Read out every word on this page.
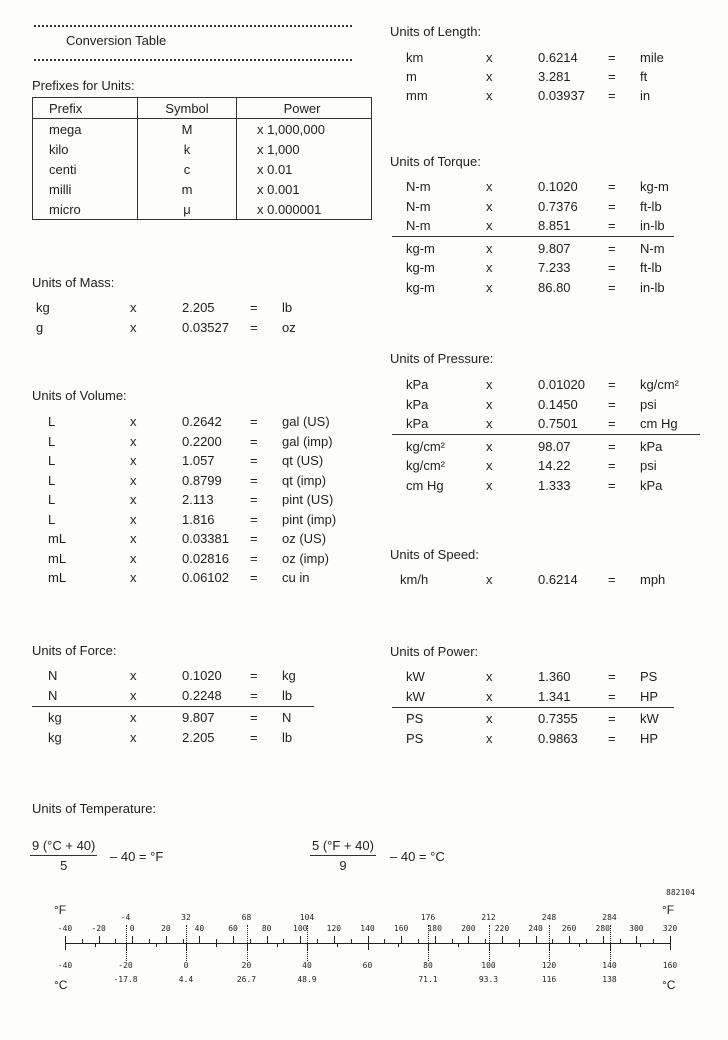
Conversion Table
Prefixes for Units:
Prefix	Symbol	Power
mega	M	x 1,000,000
kilo	k	x 1,000
centi	c	x 0.01
milli	m	x 0.001
micro	μ	x 0.000001
Units of Mass:
kg	x	2.205	= lb
g	x	0.03527 = oz
Units of Volume:
L	x	0.2642 = gal (US)
L	x	0.2200 = gal (imp)
L	x	1.057	= qt (US)
L	x	0.8799 = qt (imp)
L	x	2.113	= pint (US)
L	x	1.816	= pint (imp)
mL	x	0.03381 = oz (US)
mL	x	0.02816 = oz (imp)
mL	x	0.06102 = cu in
Units of Force:
N	x	0.1020 = kg
N	x	0.2248 = lb
kg	x	9.807	= N
kg	x	2.205	= lb
Units of Length:
km	x	0.6214 = mile
m	x	3.281	= ft
mm	x	0.03937 = in
Units of Torque:
N-m	x	0.1020 = kg-m
N-m	x	0.7376 = ft-lb
N-m	x	8.851	= in-lb
kg-m	x	9.807	= N-m
kg-m	x	7.233	= ft-lb
kg-m	x	86.80	= in-lb
Units of Pressure:
kPa	x	0.01020 = kg/cm²
kPa	x	0.1450 = psi
kPa	x	0.7501 = cm Hg
kg/cm²	x	98.07	= kPa
kg/cm²	x	14.22	= psi
cm Hg	x	1.333	= kPa
Units of Speed:
km/h	x	0.6214 = mph
Units of Power:
kW	x	1.360	= PS
kW	x	1.341	= HP
PS	x	0.7355 = kW
PS	x	0.9863 = HP
Units of Temperature:
$\frac{9 (^\circ C + 40)}{5} - 40 = ^\circ F$	$\frac{5 (^\circ F + 40)}{9} - 40 = ^\circ C$
882104
°F	°F
°C	°C
-40	-20	0	20	40	60	80	100	120	140	160	180	200	220	240	260	280	300	320
-40	-20	0	20	40	60	80	100	120	140	160
-4
-17.8
32
4.4
68
26.7
104
48.9
176
71.1
212
93.3
248
116
284
138
